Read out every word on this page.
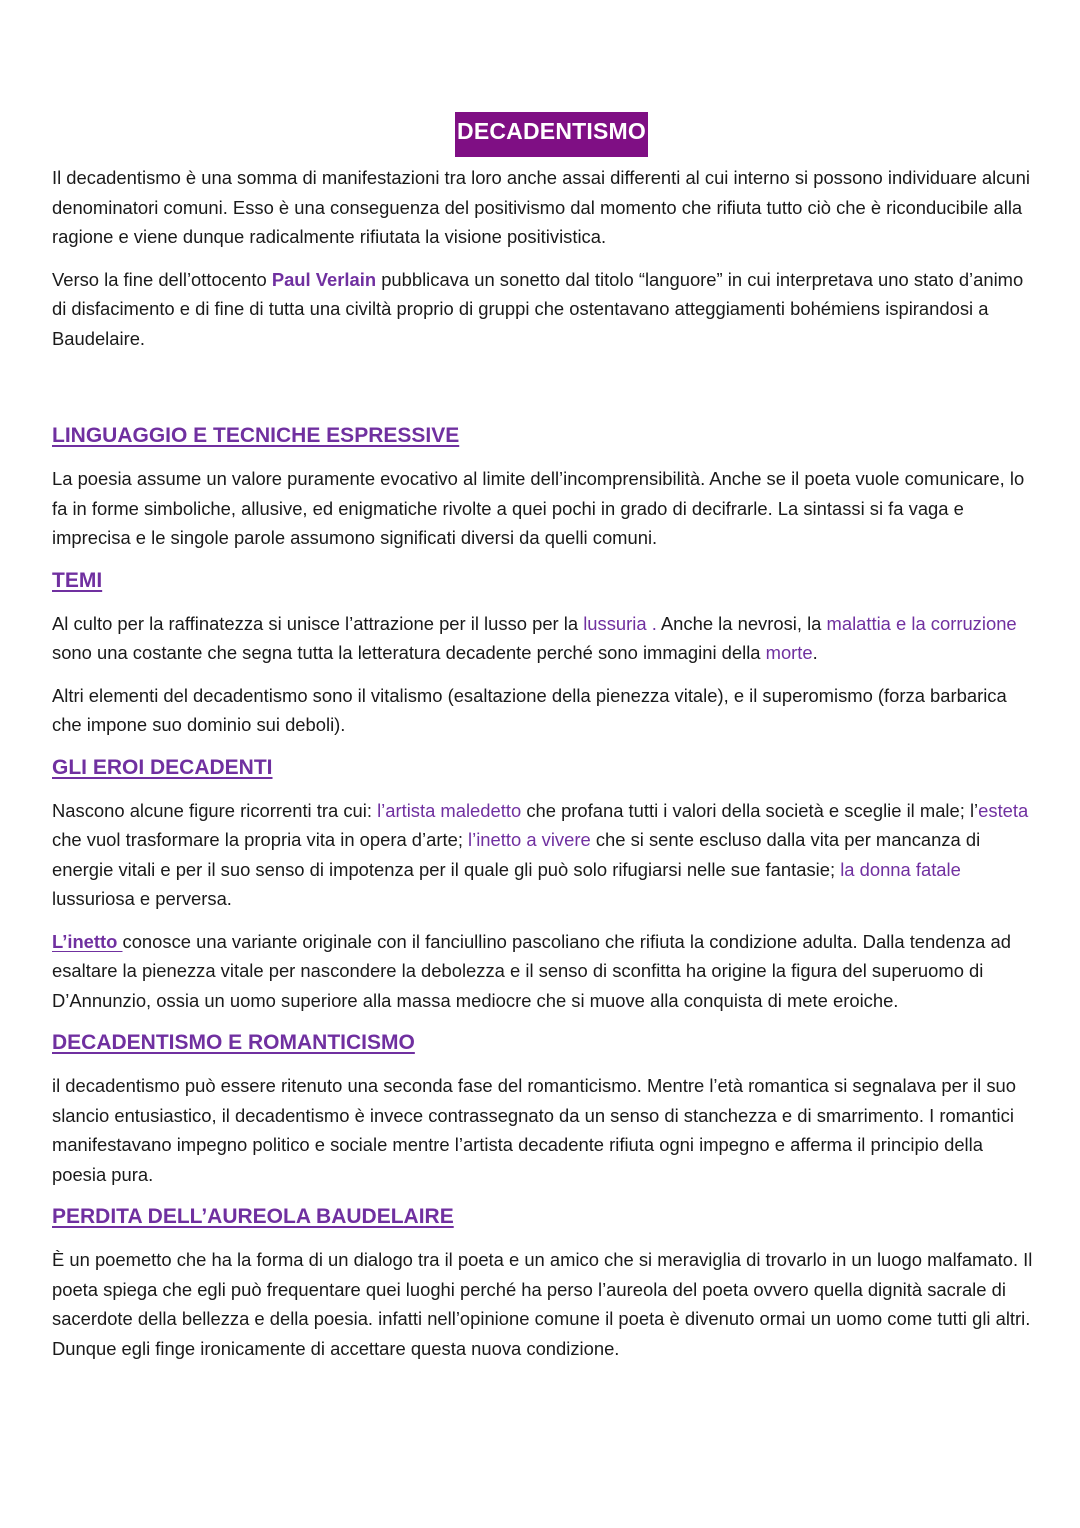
DECADENTISMO

Il decadentismo è una somma di manifestazioni tra loro anche assai differenti al cui interno si possono individuare alcuni denominatori comuni. Esso è una conseguenza del positivismo dal momento che rifiuta tutto ciò che è riconducibile alla ragione e viene dunque radicalmente rifiutata la visione positivistica.

Verso la fine dell’ottocento Paul Verlain pubblicava un sonetto dal titolo “languore” in cui interpretava uno stato d’animo di disfacimento e di fine di tutta una civiltà proprio di gruppi che ostentavano atteggiamenti bohémiens ispirandosi a Baudelaire.

LINGUAGGIO E TECNICHE ESPRESSIVE

La poesia assume un valore puramente evocativo al limite dell’incomprensibilità. Anche se il poeta vuole comunicare, lo fa in forme simboliche, allusive, ed enigmatiche rivolte a quei pochi in grado di decifrarle. La sintassi si fa vaga e imprecisa e le singole parole assumono significati diversi da quelli comuni.

TEMI

Al culto per la raffinatezza si unisce l’attrazione per il lusso per la lussuria . Anche la nevrosi, la malattia e la corruzione sono una costante che segna tutta la letteratura decadente perché sono immagini della morte.

Altri elementi del decadentismo sono il vitalismo (esaltazione della pienezza vitale), e il superomismo (forza barbarica che impone suo dominio sui deboli).

GLI EROI DECADENTI

Nascono alcune figure ricorrenti tra cui: l’artista maledetto che profana tutti i valori della società e sceglie il male; l’esteta che vuol trasformare la propria vita in opera d’arte; l’inetto a vivere che si sente escluso dalla vita per mancanza di energie vitali e per il suo senso di impotenza per il quale gli può solo rifugiarsi nelle sue fantasie; la donna fatale lussuriosa e perversa.

L’inetto conosce una variante originale con il fanciullino pascoliano che rifiuta la condizione adulta. Dalla tendenza ad esaltare la pienezza vitale per nascondere la debolezza e il senso di sconfitta ha origine la figura del superuomo di D’Annunzio, ossia un uomo superiore alla massa mediocre che si muove alla conquista di mete eroiche.

DECADENTISMO E ROMANTICISMO

il decadentismo può essere ritenuto una seconda fase del romanticismo. Mentre l’età romantica si segnalava per il suo slancio entusiastico, il decadentismo è invece contrassegnato da un senso di stanchezza e di smarrimento. I romantici manifestavano impegno politico e sociale mentre l’artista decadente rifiuta ogni impegno e afferma il principio della poesia pura.

PERDITA DELL’AUREOLA BAUDELAIRE

È un poemetto che ha la forma di un dialogo tra il poeta e un amico che si meraviglia di trovarlo in un luogo malfamato. Il poeta spiega che egli può frequentare quei luoghi perché ha perso l’aureola del poeta ovvero quella dignità sacrale di sacerdote della bellezza e della poesia. infatti nell’opinione comune il poeta è divenuto ormai un uomo come tutti gli altri. Dunque egli finge ironicamente di accettare questa nuova condizione.
